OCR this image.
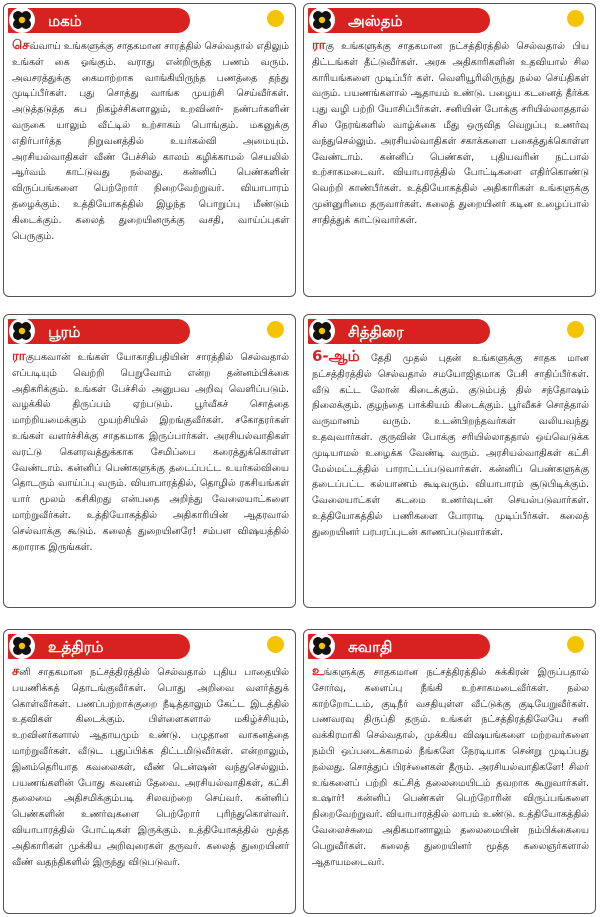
மகம்
செவ்வாய் உங்களுக்கு சாதகமான சாரத்தில் செல்வதால் எதிலும் உங்கள் கை ஓங்கும். வராது என்றிருந்த பணம் வரும். அவசரத்துக்கு கைமாற்றாக வாங்கியிருந்த பணத்தை தந்து முடிப்பீர்கள். புது சொத்து வாங்க முயற்சி செய்வீர்கள். அடுத்தடுத்த சுப நிகழ்ச்சிகளாலும், உறவினர்- நண்பர்களின் வருகை யாலும் வீட்டில் உற்சாகம் பொங்கும். மகனுக்கு எதிர்பார்த்த நிறுவனத்தில் உயர்கல்வி அமையும். அரசியல்வாதிகள் வீண் பேச்சில் காலம் கழிக்காமல் செயலில் ஆர்வம் காட்டுவது நல்லது. கன்னிப் பெண்களின் விருப்பங்களை பெற்றோர் நிறைவேற்றுவர். வியாபாரம் தழைக்கும். உத்தியோகத்தில் இழந்த பொறுப்பு மீண்டும் கிடைக்கும். கலைத் துறையினருக்கு வசதி, வாய்ப்புகள் பெருகும்.
அஸ்தம்
ராகு உங்களுக்கு சாதகமான நட்சத்திரத்தில் செல்வதால் பிய திட்டங்கள் தீட்டுவீர்கள். அரசு அதிகாரிகளின் உதவியால் சில காரியங்களை முடிப்பீர் கள். வெளியூரிலிருந்து நல்ல செய்திகள் வரும். பயணங்களால் ஆதாயம் உண்டு. பழைய கடனைத் தீர்க்க புது வழி பற்றி யோசிப்பீர்கள். சனியின் போக்கு சரியில்லாததால் சில நேரங்களில் வாழ்க்கை மீது ஒருவித வெறுப்பு உணர்வு வந்துசெல்லும். அரசியல்வாதிகள் சகாக்களை பகைத்துக்கொள்ள வேண்டாம். கன்னிப் பெண்கள், புதியவரின் நட்பால் உற்சாகமடைவர். வியாபாரத்தில் போட்டிகளை எதிர்கொண்டு வெற்றி காண்பீர்கள். உத்தியோகத்தில் அதிகாரிகள் உங்களுக்கு முன்னுரிமை தருவார்கள். கலைத் துறையினர் கடின உழைப்பால் சாதித்துக் காட்டுவார்கள்.
பூரம்
ராகுபகவான் உங்கள் யோகாதிபதியின் சாரத்தில் செல்வதால் எப்படியும் வெற்றி பெறுவோம் என்ற தன்னம்பிக்கை அதிகரிக்கும். உங்கள் பேச்சில் அனுபவ அறிவு வெளிப்படும். வழக்கில் திருப்பம் ஏற்படும். பூர்வீகச் சொத்தை மாற்றியமைக்கும் முயற்சியில் இறங்குவீர்கள். சகோதரர்கள் உங்கள் வளர்ச்சிக்கு சாதகமாக இருப்பார்கள். அரசியல்வாதிகள் வரட்டு கௌரவத்துக்காக சேமிப்பை கரைத்துக்கொள்ள வேண்டாம். கன்னிப் பெண்களுக்கு தடைப்பட்ட உயர்கல்வியை தொடரும் வாய்ப்பு வரும். வியாபாரத்தில், தொழில் ரகசியங்கள் யார் மூலம் கசிகிறது என்பதை அறிந்து வேலையாட்களை மாற்றுவீர்கள். உத்தியோகத்தில் அதிகாரியின் ஆதரவால் செல்வாக்கு கூடும். கலைத் துறையினரே! சம்பள விஷயத்தில் கறாராக இருங்கள்.
சித்திரை
6-ஆம் தேதி முதல் புதன் உங்களுக்கு சாதக மான நட்சத்திரத்தில் செல்வதால் சமயோஜிதமாக பேசி சாதிப்பீர்கள். வீடு கட்ட லோன் கிடைக்கும். குடும்பத் தில் சந்தோஷம் நிலைக்கும். குழந்தை பாக்கியம் கிடைக்கும். பூர்வீகச் சொத்தால் வருமானம் வரும். உடன்பிறந்தவர்கள் வலியவந்து உதவுவார்கள். குருவின் போக்கு சரியில்லாததால் ஒய்வெடுக்க முடியாமல் உழைக்க வேண்டி வரும். அரசியல்வாதிகள் கட்சி மேல்மட்டத்தில் பாராட்டப்படுவார்கள். கன்னிப் பெண்களுக்கு தடைப்பட்ட கல்யாணம் கூடிவரும். வியாபாரம் சூடுபிடிக்கும். வேலையாட்கள் கடமை உணர்வுடன் செயல்படுவார்கள். உத்தியோகத்தில் பணிகளை போராடி முடிப்பீர்கள். கலைத் துறையினர் பரபரப்புடன் காணப்படுவார்கள்.
உத்திரம்
சனி சாதகமான நட்சத்திரத்தில் செல்வதால் புதிய பாதையில் பயணிக்கத் தொடங்குவீர்கள். பொது அறிவை வளர்த்துக் கொள்வீர்கள். பணப்பற்றாக்குறை நீடித்தாலும் கேட்ட இடத்தில் உதவிகள் கிடைக்கும். பிள்ளைகளால் மகிழ்ச்சியும், உறவினர்களால் ஆதாயமும் உண்டு. பழுதான வாகனத்தை மாற்றுவீர்கள். வீடுட புதுப்பிக்க திட்டமிடுவீர்கள். என்றாலும், இனம்தெரியாத கவலைகள், வீண் டென்ஷன் வந்துசெல்லும். பயணங்களின் போது கவனம் தேவை. அரசியல்வாதிகள், கட்சி தலைமை அதிசமிக்கும்படி சிலவற்றை செய்வர். கன்னிப் பெண்களின் உணர்வுகளை பெற்றோர் புரிந்துகொள்வர். வியாபாரத்தில் போட்டிகள் இருக்கும். உத்தியோகத்தில் மூத்த அதிகாரிகள் முக்கிய அறிவுரைகள் தருவர். கலைத் துறையினர் வீண் வதந்திகளில் இருந்து விடுபடுவர்.
சுவாதி
உங்களுக்கு சாதகமான நட்சத்திரத்தில் சுக்கிரன் இருப்பதால் சோர்வு, களைப்பு நீங்கி உற்சாகமடைவீர்கள். நல்ல காற்றோட்டம், குடிநீர் வசதியுள்ள வீட்டுக்கு குடியேறுவீர்கள். பணவரவு திருப்தி தரும். உங்கள் நட்சத்திரத்திலேயே சனி வக்கிரமாகி செல்வதால், முக்கிய விஷயங்களை மற்றவர்களை நம்பி ஒப்படைக்காமல் நீங்களே நேரடியாக சென்று முடிப்பது நல்லது. சொத்துப் பிரச்னைகள் தீரும். அரசியல்வாதிகளே! சிலர் உங்களைப் பற்றி கட்சித் தலைமையிடம் தவறாக கூறுவார்கள். உஷார்! கன்னிப் பெண்கள் பெற்றோரின் விருப்பங்களை நிறைவேற்றுவர். வியாபாரத்தில் லாபம் உண்டு. உத்தியோகத்தில் வேலைச்சுமை அதிகமானாலும் தலைமையின் நம்பிக்கையை பெறுவீர்கள். கலைத் துறையினர் மூத்த கலைஞர்களால் ஆதாயமடைவர்.
